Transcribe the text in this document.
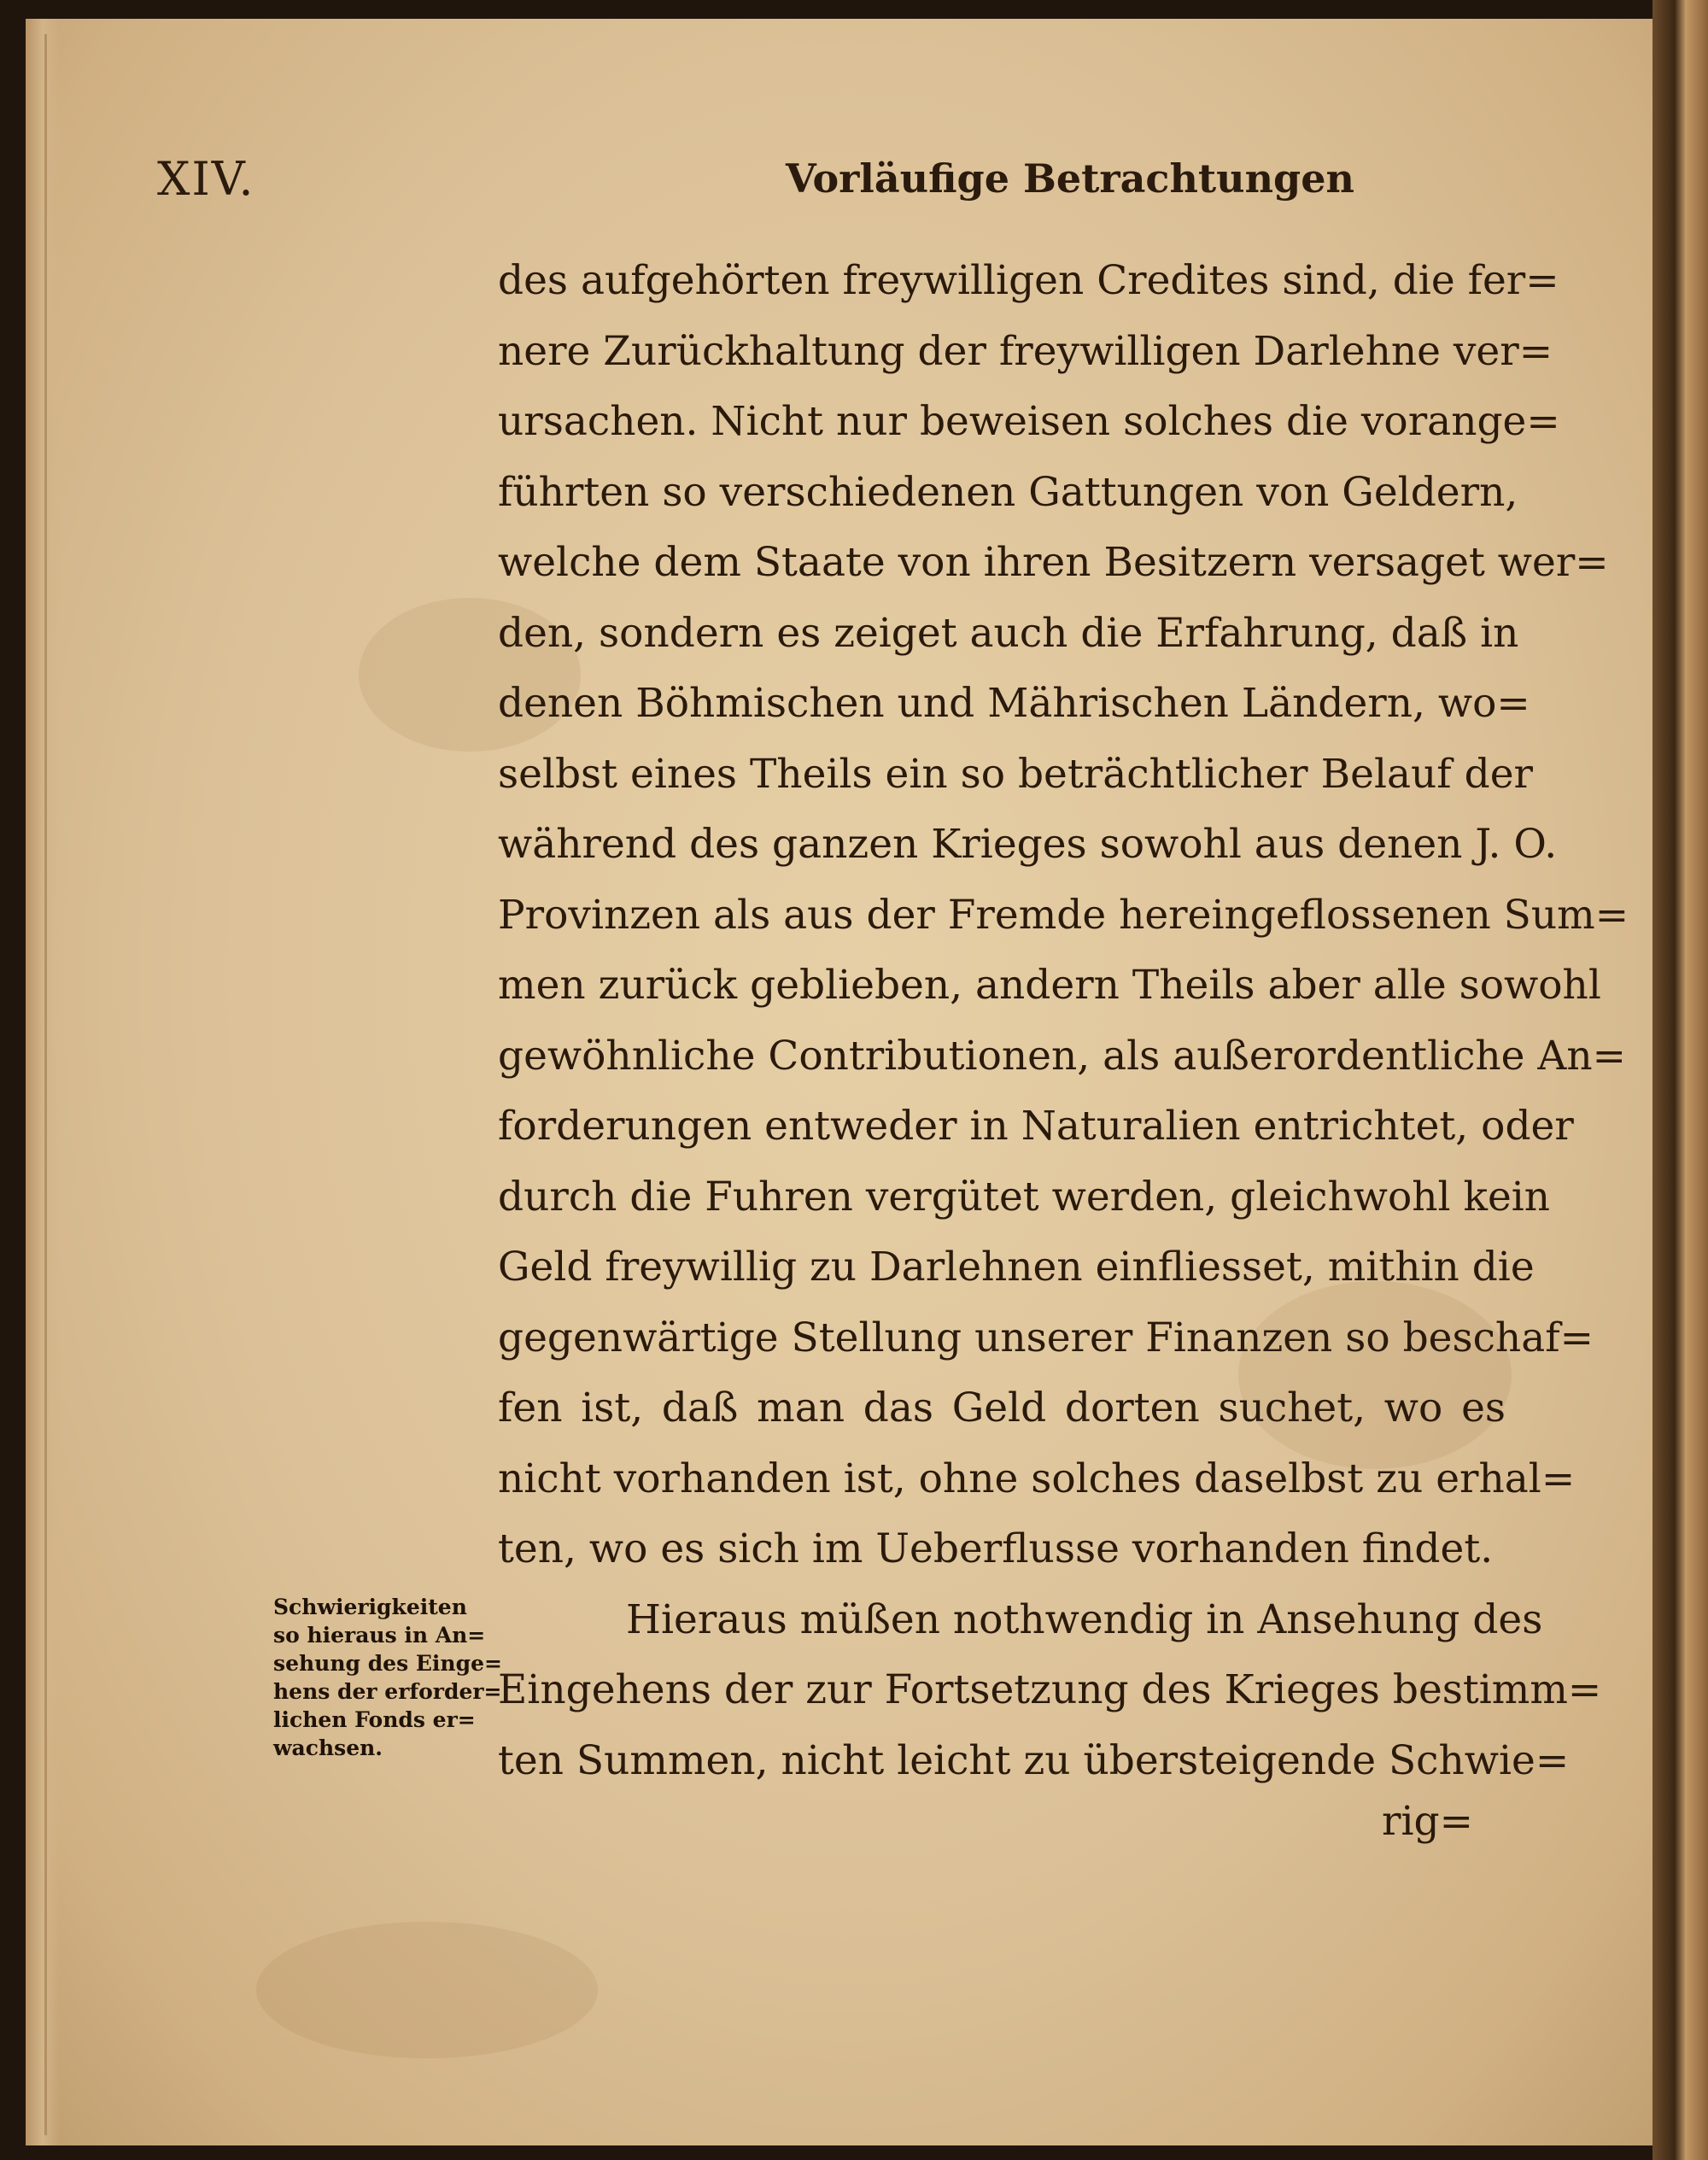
XIV.	Vorläufige Betrachtungen
des aufgehörten freywilligen Credites sind, die fer=
nere Zurückhaltung der freywilligen Darlehne ver=
ursachen. Nicht nur beweisen solches die vorange=
führten so verschiedenen Gattungen von Geldern,
welche dem Staate von ihren Besitzern versaget wer=
den, sondern es zeiget auch die Erfahrung, daß in
denen Böhmischen und Mährischen Ländern, wo=
selbst eines Theils ein so beträchtlicher Belauf der
während des ganzen Krieges sowohl aus denen J. O.
Provinzen als aus der Fremde hereingeflossenen Sum=
men zurück geblieben, andern Theils aber alle sowohl
gewöhnliche Contributionen, als außerordentliche An=
forderungen entweder in Naturalien entrichtet, oder
durch die Fuhren vergütet werden, gleichwohl kein
Geld freywillig zu Darlehnen einfliesset, mithin die
gegenwärtige Stellung unserer Finanzen so beschaf=
fen ist, daß man das Geld dorten suchet, wo es
nicht vorhanden ist, ohne solches daselbst zu erhal=
ten, wo es sich im Ueberflusse vorhanden findet.
Hieraus müßen nothwendig in Ansehung des
Eingehens der zur Fortsetzung des Krieges bestimm=
ten Summen, nicht leicht zu übersteigende Schwie=
rig=
Schwierigkeiten
so hieraus in An=
sehung des Einge=
hens der erforder=
lichen Fonds er=
wachsen.
